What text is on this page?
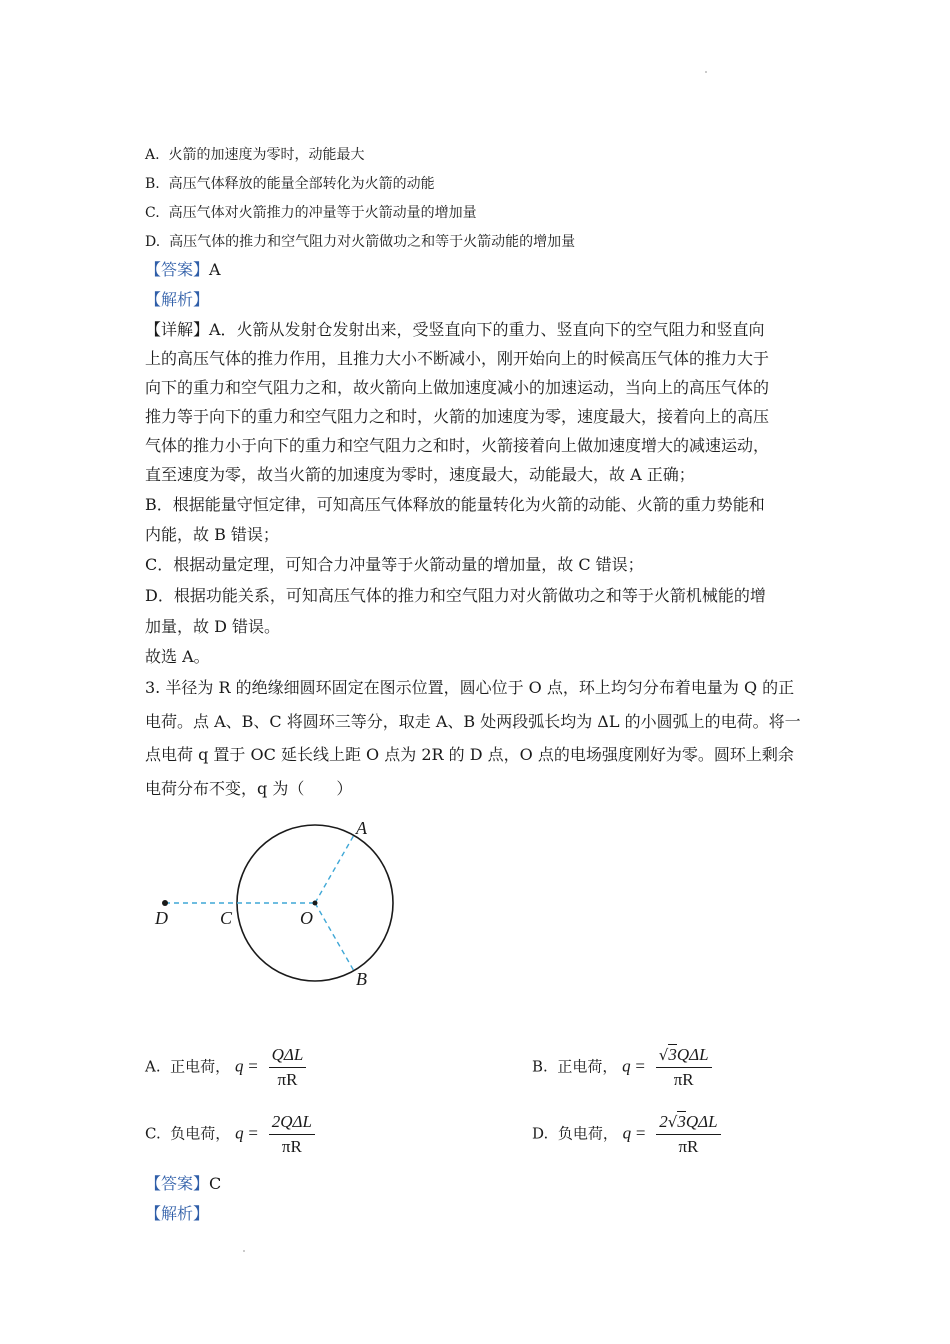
A. 火箭的加速度为零时，动能最大
B. 高压气体释放的能量全部转化为火箭的动能
C. 高压气体对火箭推力的冲量等于火箭动量的增加量
D. 高压气体的推力和空气阻力对火箭做功之和等于火箭动能的增加量
【答案】A
【解析】
【详解】A．火箭从发射仓发射出来，受竖直向下的重力、竖直向下的空气阻力和竖直向
上的高压气体的推力作用，且推力大小不断减小，刚开始向上的时候高压气体的推力大于
向下的重力和空气阻力之和，故火箭向上做加速度减小的加速运动，当向上的高压气体的
推力等于向下的重力和空气阻力之和时，火箭的加速度为零，速度最大，接着向上的高压
气体的推力小于向下的重力和空气阻力之和时，火箭接着向上做加速度增大的减速运动，
直至速度为零，故当火箭的加速度为零时，速度最大，动能最大，故 A 正确；
B．根据能量守恒定律，可知高压气体释放的能量转化为火箭的动能、火箭的重力势能和
内能，故 B 错误；
C．根据动量定理，可知合力冲量等于火箭动量的增加量，故 C 错误；
D．根据功能关系，可知高压气体的推力和空气阻力对火箭做功之和等于火箭机械能的增
加量，故 D 错误。
故选 A。
3. 半径为 R 的绝缘细圆环固定在图示位置，圆心位于 O 点，环上均匀分布着电量为 Q 的正
电荷。点 A、B、C 将圆环三等分，取走 A、B 处两段弧长均为 ΔL 的小圆弧上的电荷。将一
点电荷 q 置于 OC 延长线上距 O 点为 2R 的 D 点，O 点的电场强度刚好为零。圆环上剩余
电荷分布不变，q 为（　　）
D	C	O
A
B
A. 正电荷， $q = \frac{\text{QΔL}}{\pi R}$	B. 正电荷， $q = \frac{\text{√3QΔL}}{\pi R}$
C. 负电荷， $q = \frac{\text{2QΔL}}{\pi R}$	D. 负电荷， $q = \frac{\text{2√3QΔL}}{\pi R}$
【答案】C
【解析】
